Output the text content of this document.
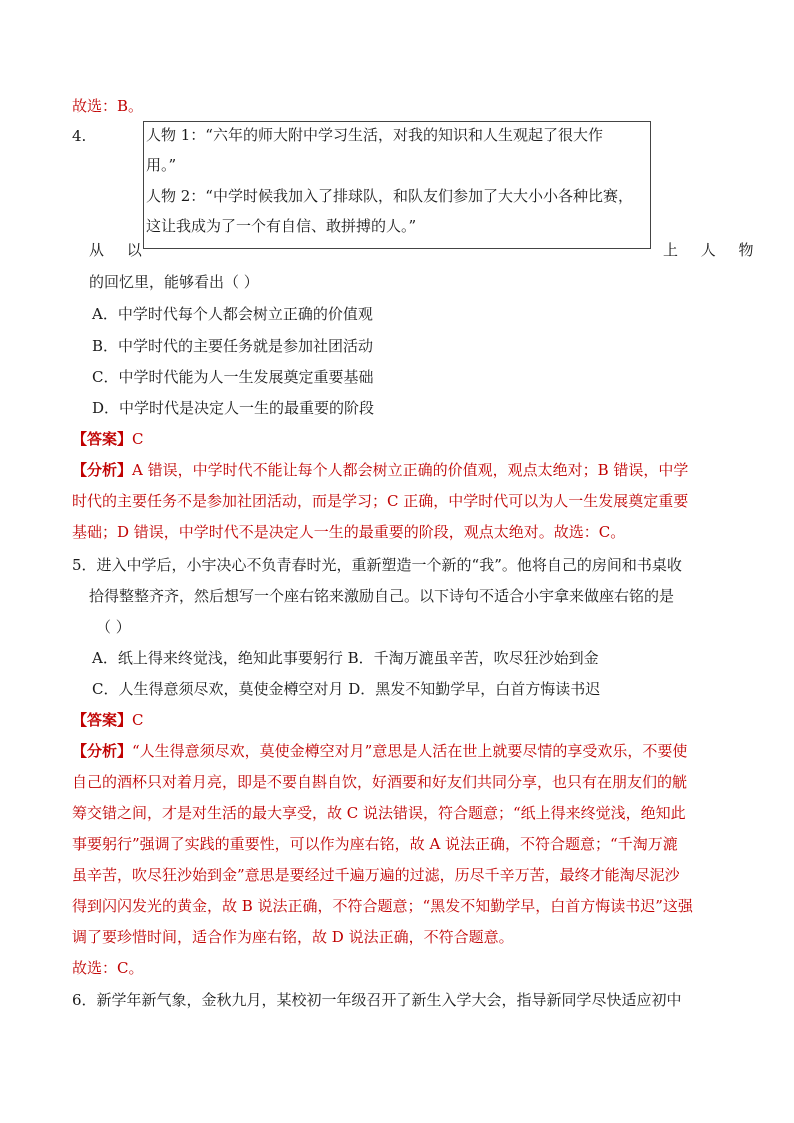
故选：B。
4.	人物 1：“六年的师大附中学习生活，对我的知识和人生观起了很大作
用。”
人物 2：“中学时候我加入了排球队，和队友们参加了大大小小各种比赛，
这让我成为了一个有自信、敢拼搏的人。”
从 以	上 人 物
的回忆里，能够看出（ ）
A．中学时代每个人都会树立正确的价值观
B．中学时代的主要任务就是参加社团活动
C．中学时代能为人一生发展奠定重要基础
D．中学时代是决定人一生的最重要的阶段
【答案】C
【分析】A 错误，中学时代不能让每个人都会树立正确的价值观，观点太绝对；B 错误，中学
时代的主要任务不是参加社团活动，而是学习；C 正确，中学时代可以为人一生发展奠定重要
基础；D 错误，中学时代不是决定人一生的最重要的阶段，观点太绝对。故选：C。
5．进入中学后，小宇决心不负青春时光，重新塑造一个新的“我”。他将自己的房间和书桌收
拾得整整齐齐，然后想写一个座右铭来激励自己。以下诗句不适合小宇拿来做座右铭的是
（ ）
A．纸上得来终觉浅，绝知此事要躬行 B．千淘万漉虽辛苦，吹尽狂沙始到金
C．人生得意须尽欢，莫使金樽空对月 D．黑发不知勤学早，白首方悔读书迟
【答案】C
【分析】“人生得意须尽欢，莫使金樽空对月”意思是人活在世上就要尽情的享受欢乐，不要使
自己的酒杯只对着月亮，即是不要自斟自饮，好酒要和好友们共同分享，也只有在朋友们的觥
筹交错之间，才是对生活的最大享受，故 C 说法错误，符合题意；“纸上得来终觉浅，绝知此
事要躬行”强调了实践的重要性，可以作为座右铭，故 A 说法正确，不符合题意；“千淘万漉
虽辛苦，吹尽狂沙始到金”意思是要经过千遍万遍的过滤，历尽千辛万苦，最终才能淘尽泥沙
得到闪闪发光的黄金，故 B 说法正确，不符合题意；“黑发不知勤学早，白首方悔读书迟”这强
调了要珍惜时间，适合作为座右铭，故 D 说法正确，不符合题意。
故选：C。
6．新学年新气象，金秋九月，某校初一年级召开了新生入学大会，指导新同学尽快适应初中
